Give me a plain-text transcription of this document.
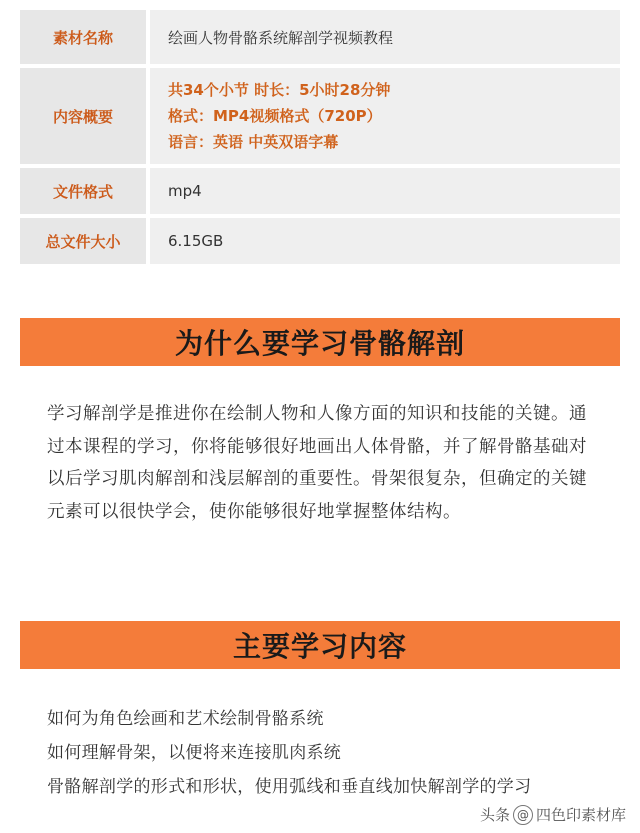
素材名称	绘画人物骨骼系统解剖学视频教程
内容概要
共34个小节 时长：5小时28分钟
格式：MP4视频格式（720P）
语言：英语 中英双语字幕
文件格式	mp4
总文件大小	6.15GB
为什么要学习骨骼解剖
学习解剖学是推进你在绘制人物和人像方面的知识和技能的关键。通过本课程的学习，你将能够很好地画出人体骨骼，并了解骨骼基础对以后学习肌肉解剖和浅层解剖的重要性。骨架很复杂，但确定的关键元素可以很快学会，使你能够很好地掌握整体结构。
主要学习内容
如何为角色绘画和艺术绘制骨骼系统
如何理解骨架，以便将来连接肌肉系统
骨骼解剖学的形式和形状，使用弧线和垂直线加快解剖学的学习
头条 @ 四色印素材库
